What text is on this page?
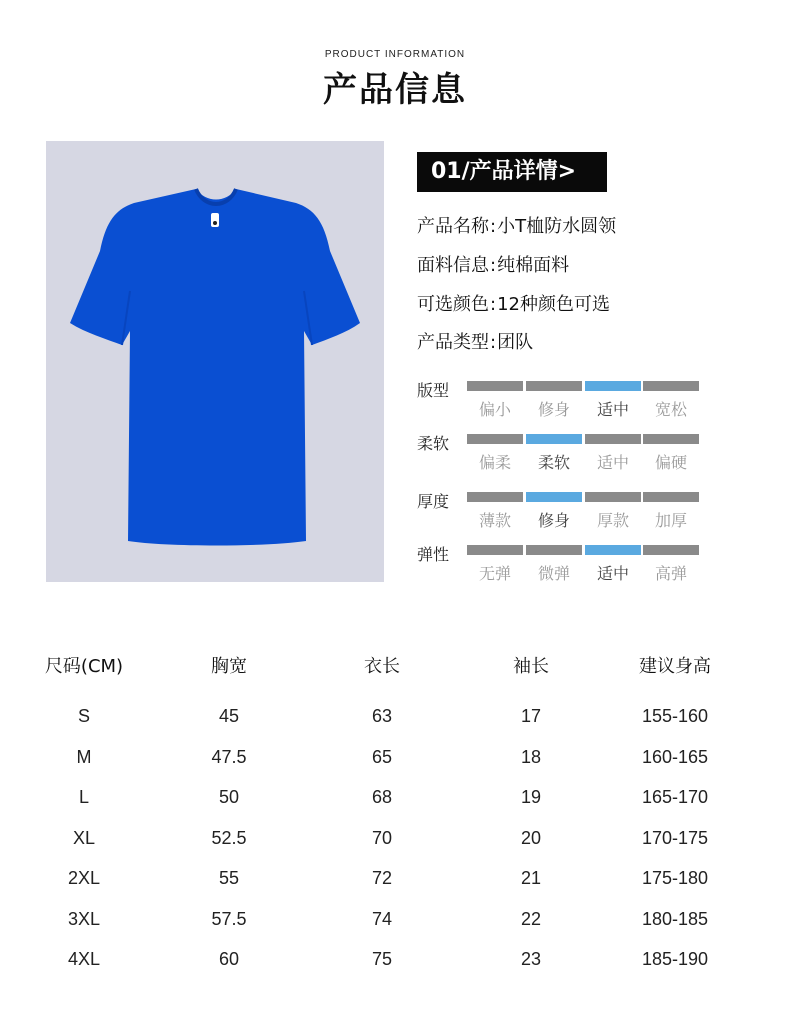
PRODUCT INFORMATION
产品信息
01/产品详情>
产品名称:小T桖防水圆领
面料信息:纯棉面料
可选颜色:12种颜色可选
产品类型:团队
版型
偏小	修身	适中	宽松
柔软
偏柔	柔软	适中	偏硬
厚度
薄款	修身	厚款	加厚
弹性
无弹	微弹	适中	高弹
尺码(CM)	胸宽	衣长	袖长	建议身高
S	45	63	17	155-160
M	47.5	65	18	160-165
L	50	68	19	165-170
XL	52.5	70	20	170-175
2XL	55	72	21	175-180
3XL	57.5	74	22	180-185
4XL	60	75	23	185-190
